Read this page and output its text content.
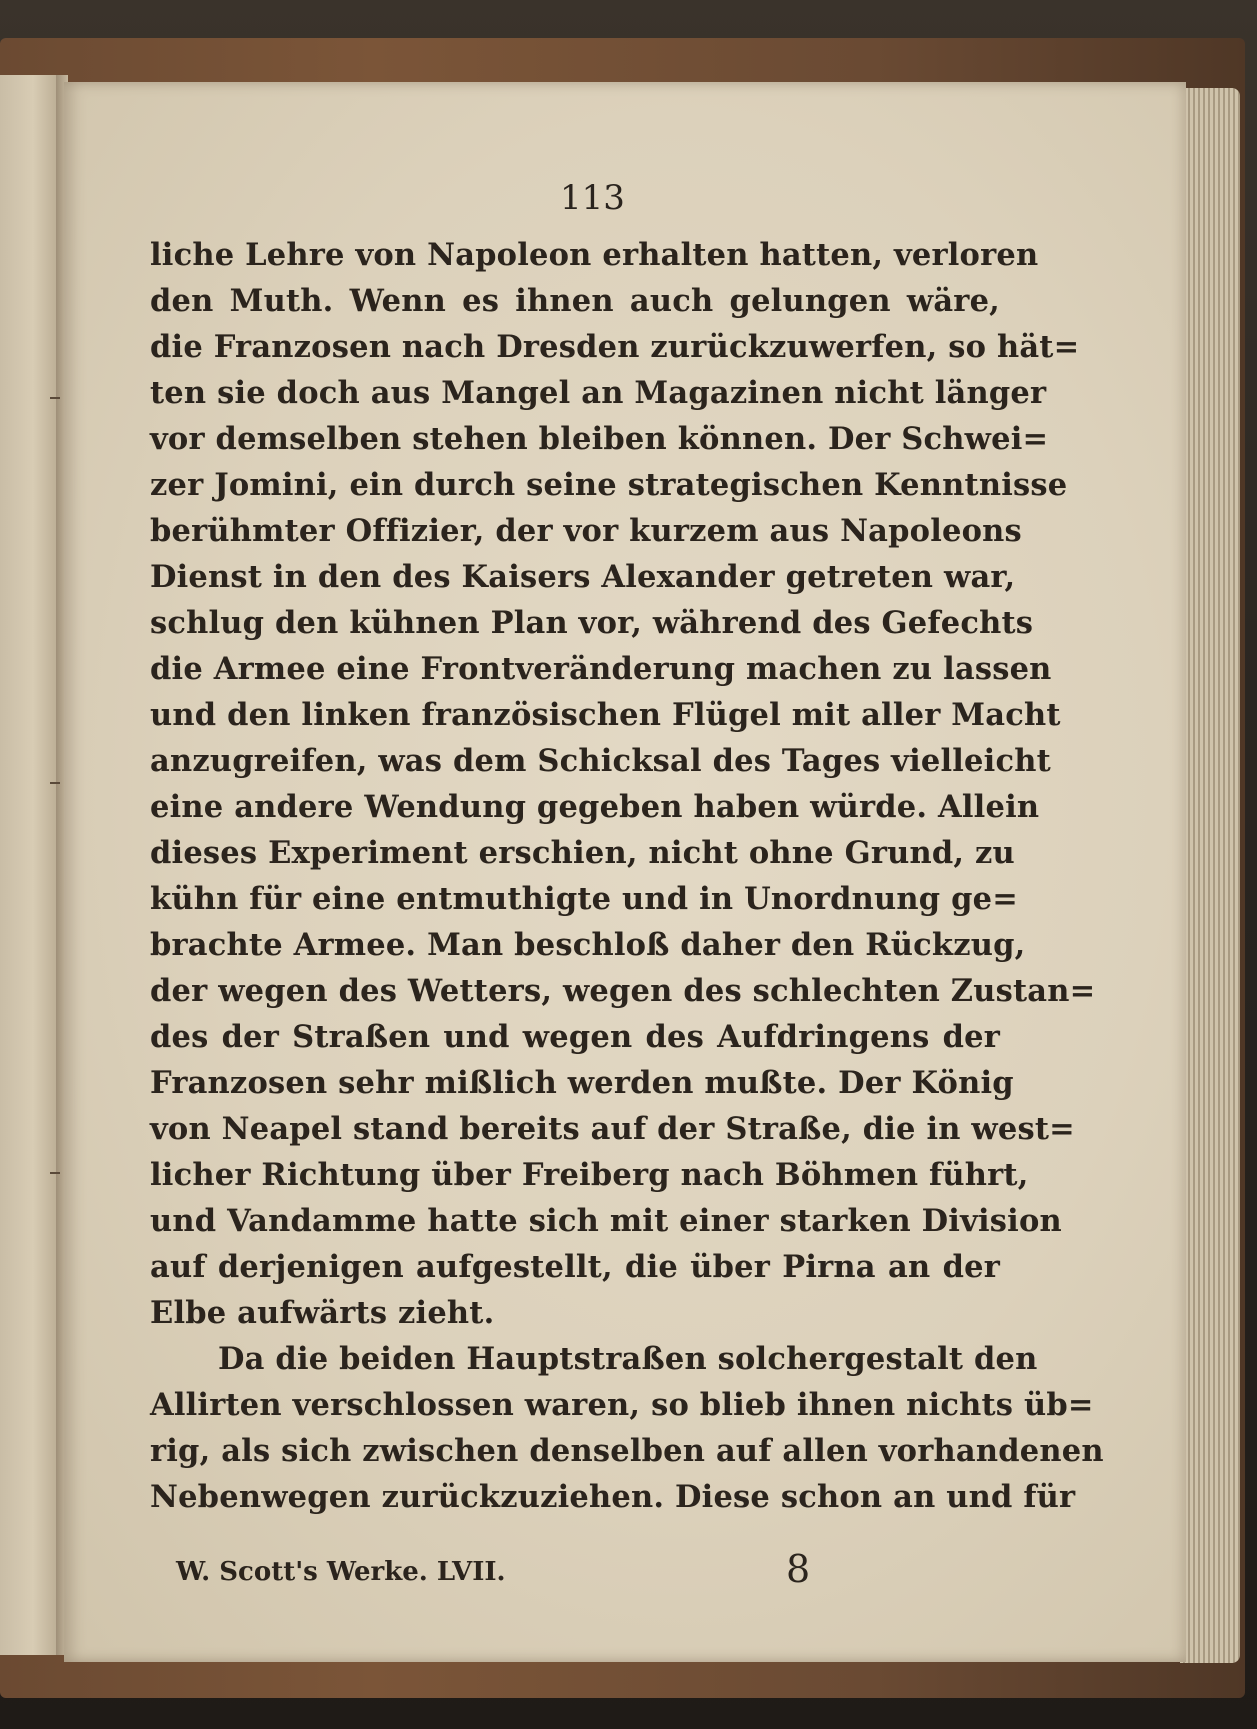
113
liche Lehre von Napoleon erhalten hatten, verloren
den Muth. Wenn es ihnen auch gelungen wäre,
die Franzosen nach Dresden zurückzuwerfen, so hät=
ten sie doch aus Mangel an Magazinen nicht länger
vor demselben stehen bleiben können. Der Schwei=
zer Jomini, ein durch seine strategischen Kenntnisse
berühmter Offizier, der vor kurzem aus Napoleons
Dienst in den des Kaisers Alexander getreten war,
schlug den kühnen Plan vor, während des Gefechts
die Armee eine Frontveränderung machen zu lassen
und den linken französischen Flügel mit aller Macht
anzugreifen, was dem Schicksal des Tages vielleicht
eine andere Wendung gegeben haben würde. Allein
dieses Experiment erschien, nicht ohne Grund, zu
kühn für eine entmuthigte und in Unordnung ge=
brachte Armee. Man beschloß daher den Rückzug,
der wegen des Wetters, wegen des schlechten Zustan=
des der Straßen und wegen des Aufdringens der
Franzosen sehr mißlich werden mußte. Der König
von Neapel stand bereits auf der Straße, die in west=
licher Richtung über Freiberg nach Böhmen führt,
und Vandamme hatte sich mit einer starken Division
auf derjenigen aufgestellt, die über Pirna an der
Elbe aufwärts zieht.
Da die beiden Hauptstraßen solchergestalt den
Allirten verschlossen waren, so blieb ihnen nichts üb=
rig, als sich zwischen denselben auf allen vorhandenen
Nebenwegen zurückzuziehen. Diese schon an und für
W. Scott's Werke. LVII.	8
